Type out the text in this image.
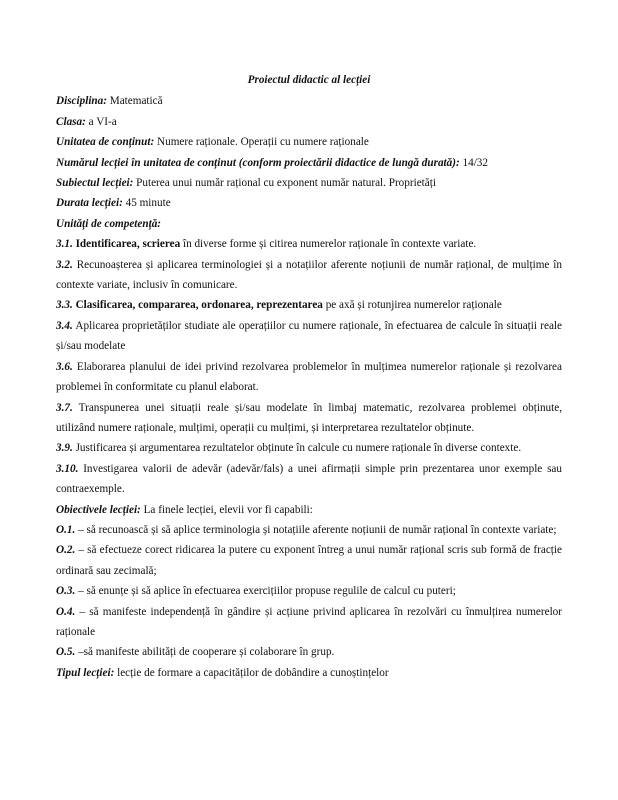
Proiectul didactic al lecției

Disciplina: Matematică

Clasa: a VI-a

Unitatea de conținut: Numere raționale. Operații cu numere raționale

Numărul lecției în unitatea de conținut (conform proiectării didactice de lungă durată): 14/32

Subiectul lecției: Puterea unui număr rațional cu exponent număr natural. Proprietăți

Durata lecției: 45 minute

Unități de competență:

3.1. Identificarea, scrierea în diverse forme și citirea numerelor raționale în contexte variate.

3.2. Recunoașterea și aplicarea terminologiei și a notațiilor aferente noțiunii de număr rațional, de mulțime în contexte variate, inclusiv în comunicare.

3.3. Clasificarea, compararea, ordonarea, reprezentarea pe axă și rotunjirea numerelor raționale

3.4. Aplicarea proprietăților studiate ale operațiilor cu numere raționale, în efectuarea de calcule în situații reale și/sau modelate

3.6. Elaborarea planului de idei privind rezolvarea problemelor în mulțimea numerelor raționale și rezolvarea problemei în conformitate cu planul elaborat.

3.7. Transpunerea unei situații reale și/sau modelate în limbaj matematic, rezolvarea problemei obținute, utilizând numere raționale, mulțimi, operații cu mulțimi, și interpretarea rezultatelor obținute.

3.9. Justificarea și argumentarea rezultatelor obținute în calcule cu numere raționale în diverse contexte.

3.10. Investigarea valorii de adevăr (adevăr/fals) a unei afirmații simple prin prezentarea unor exemple sau contraexemple.

Obiectivele lecției: La finele lecției, elevii vor fi capabili:

O.1. – să recunoască și să aplice terminologia și notațiile aferente noțiunii de număr rațional în contexte variate;

O.2. – să efectueze corect ridicarea la putere cu exponent întreg a unui număr rațional scris sub formă de fracție ordinară sau zecimală;

O.3. – să enunțe și să aplice în efectuarea exercițiilor propuse regulile de calcul cu puteri;

O.4. – să manifeste independență în gândire și acțiune privind aplicarea în rezolvări cu înmulțirea numerelor raționale

O.5. –să manifeste abilități de cooperare și colaborare în grup.

Tipul lecției: lecție de formare a capacităților de dobândire a cunoștințelor
